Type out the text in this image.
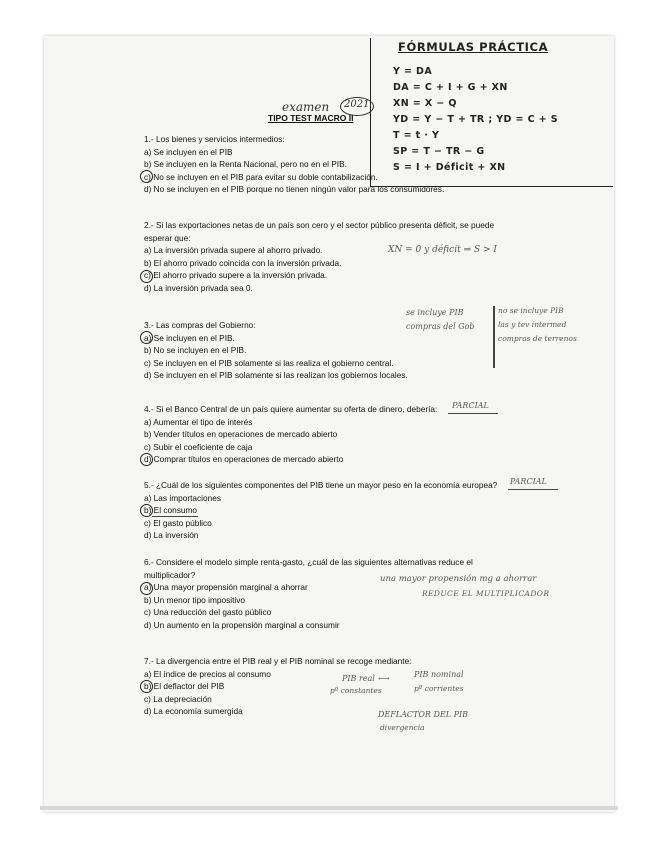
FÓRMULAS PRÁCTICA
Y = DA
DA = C + I + G + XN
XN = X − Q
YD = Y − T + TR ; YD = C + S
T = t · Y
SP = T − TR − G
S = I + Déficit + XN
examen 2021
TIPO TEST MACRO II
1.- Los bienes y servicios intermedios:
a) Se incluyen en el PIB
b) Se incluyen en la Renta Nacional, pero no en el PIB.
c) No se incluyen en el PIB para evitar su doble contabilización.
d) No se incluyen en el PIB porque no tienen ningún valor para los consumidores.
2.- Si las exportaciones netas de un país son cero y el sector público presenta déficit, se puede
esperar que:
a) La inversión privada supere al ahorro privado.
b) El ahorro privado coincida con la inversión privada.
c) El ahorro privado supere a la inversión privada.
d) La inversión privada sea 0.
XN = 0 y déficit ⇒ S > I
3.- Las compras del Gobierno:
a) Se incluyen en el PIB.
b) No se incluyen en el PIB.
c) Se incluyen en el PIB solamente si las realiza el gobierno central.
d) Se incluyen en el PIB solamente si las realizan los gobiernos locales.
se incluye PIB
compras del Gob
no se incluye PIB
las y tev intermed
compras de terrenos
4.- Si el Banco Central de un país quiere aumentar su oferta de dinero, debería:
a) Aumentar el tipo de interés
b) Vender títulos en operaciones de mercado abierto
c) Subir el coeficiente de caja
d) Comprar títulos en operaciones de mercado abierto
PARCIAL
5.- ¿Cuál de los siguientes componentes del PIB tiene un mayor peso en la economía europea?
a) Las importaciones
b) El consumo
c) El gasto público
d) La inversión
PARCIAL
6.- Considere el modelo simple renta-gasto, ¿cuál de las siguientes alternativas reduce el
multiplicador?
a) Una mayor propensión marginal a ahorrar
b) Un menor tipo impositivo
c) Una reducción del gasto público
d) Un aumento en la propensión marginal a consumir
una mayor propensión mg a ahorrar
REDUCE EL MULTIPLICADOR
7.- La divergencia entre el PIB real y el PIB nominal se recoge mediante:
a) El índice de precios al consumo
b) El deflactor del PIB
c) La depreciación
d) La economía sumergida
PIB real
pº constantes
⟷	PIB nominal
pº corrientes
DEFLACTOR DEL PIB
divergencia
